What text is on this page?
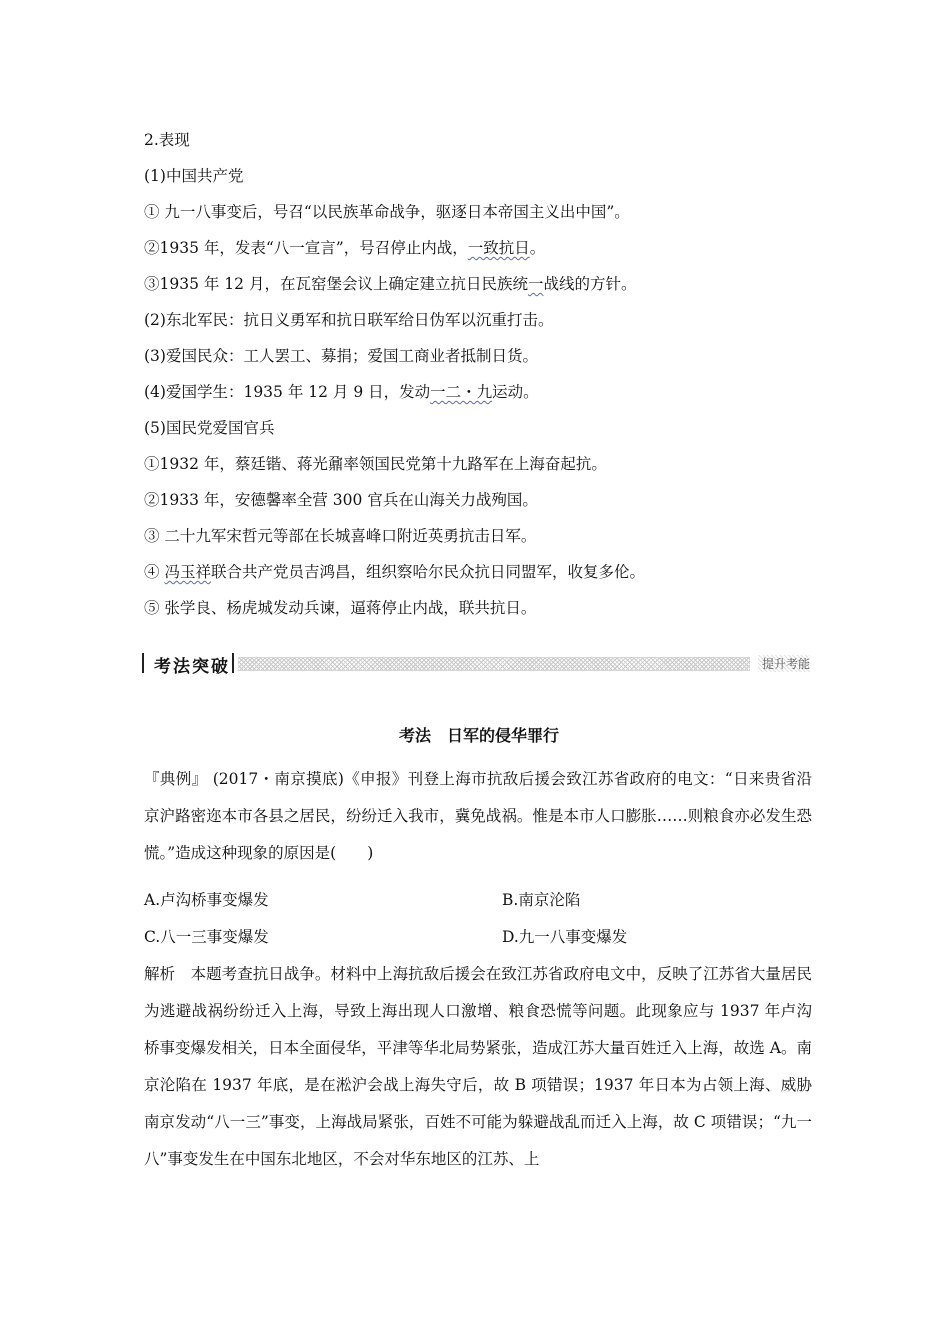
2.表现
(1)中国共产党
① 九一八事变后，号召“以民族革命战争，驱逐日本帝国主义出中国”。
②1935 年，发表“八一宣言”，号召停止内战，一致抗日。
③1935 年 12 月，在瓦窑堡会议上确定建立抗日民族统一战线的方针。
(2)东北军民：抗日义勇军和抗日联军给日伪军以沉重打击。
(3)爱国民众：工人罢工、募捐；爱国工商业者抵制日货。
(4)爱国学生：1935 年 12 月 9 日，发动一二・九运动。
(5)国民党爱国官兵
①1932 年，蔡廷锴、蒋光鼐率领国民党第十九路军在上海奋起抗。
②1933 年，安德馨率全营 300 官兵在山海关力战殉国。
③ 二十九军宋哲元等部在长城喜峰口附近英勇抗击日军。
④ 冯玉祥联合共产党员吉鸿昌，组织察哈尔民众抗日同盟军，收复多伦。
⑤ 张学良、杨虎城发动兵谏，逼蒋停止内战，联共抗日。
考法突破	提升考能
考法　日军的侵华罪行
『典例』 (2017・南京摸底)《申报》刊登上海市抗敌后援会致江苏省政府的电文：“日来贵省沿京沪路密迩本市各县之居民，纷纷迁入我市，冀免战祸。惟是本市人口膨胀……则粮食亦必发生恐慌。”造成这种现象的原因是(　　)
A.卢沟桥事变爆发	B.南京沦陷
C.八一三事变爆发	D.九一八事变爆发
解析　本题考查抗日战争。材料中上海抗敌后援会在致江苏省政府电文中，反映了江苏省大量居民为逃避战祸纷纷迁入上海，导致上海出现人口激增、粮食恐慌等问题。此现象应与 1937 年卢沟桥事变爆发相关，日本全面侵华，平津等华北局势紧张，造成江苏大量百姓迁入上海，故选 A。南京沦陷在 1937 年底，是在淞沪会战上海失守后，故 B 项错误；1937 年日本为占领上海、威胁南京发动“八一三”事变，上海战局紧张，百姓不可能为躲避战乱而迁入上海，故 C 项错误；“九一八”事变发生在中国东北地区，不会对华东地区的江苏、上
